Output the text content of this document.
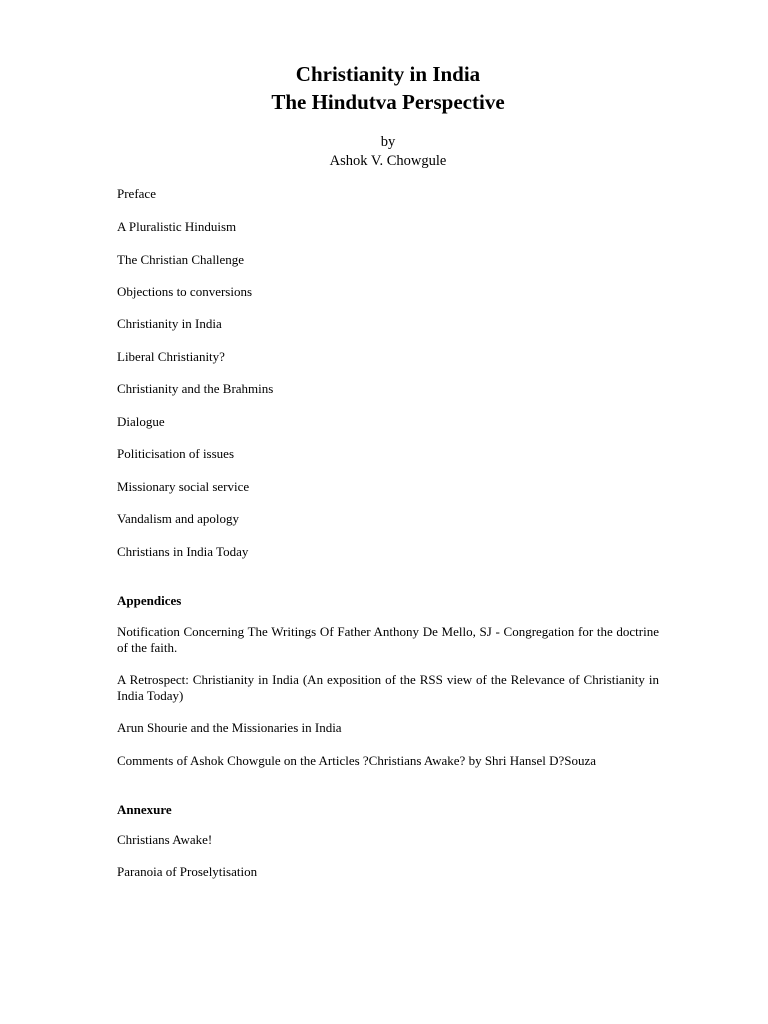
Christianity in India

The Hindutva Perspective

by

Ashok V. Chowgule

Preface

A Pluralistic Hinduism

The Christian Challenge

Objections to conversions

Christianity in India

Liberal Christianity?

Christianity and the Brahmins

Dialogue

Politicisation of issues

Missionary social service

Vandalism and apology

Christians in India Today

Appendices

Notification Concerning The Writings Of Father Anthony De Mello, SJ - Congregation for the doctrine of the faith.

A Retrospect: Christianity in India (An exposition of the RSS view of the Relevance of Christianity in India Today)

Arun Shourie and the Missionaries in India

Comments of Ashok Chowgule on the Articles ?Christians Awake? by Shri Hansel D?Souza

Annexure

Christians Awake!

Paranoia of Proselytisation
